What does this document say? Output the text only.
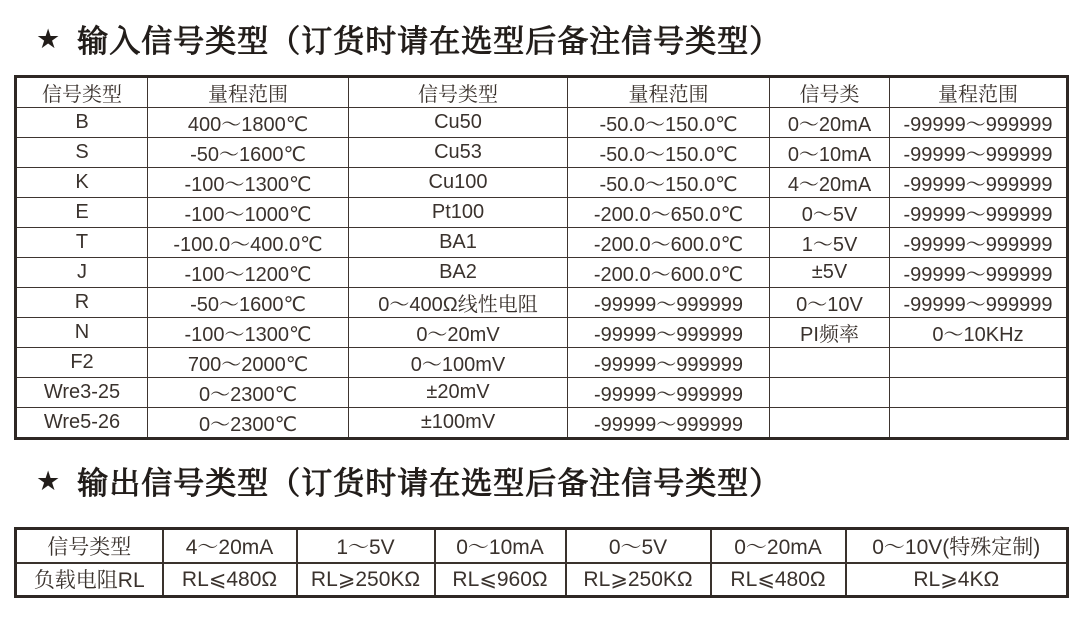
★ 输入信号类型（订货时请在选型后备注信号类型）
信号类型	量程范围	信号类型	量程范围	信号类	量程范围
B	400～1800℃	Cu50	-50.0～150.0℃	0～20mA	-99999～999999
S	-50～1600℃	Cu53	-50.0～150.0℃	0～10mA	-99999～999999
K	-100～1300℃	Cu100	-50.0～150.0℃	4～20mA	-99999～999999
E	-100～1000℃	Pt100	-200.0～650.0℃	0～5V	-99999～999999
T	-100.0～400.0℃	BA1	-200.0～600.0℃	1～5V	-99999～999999
J	-100～1200℃	BA2	-200.0～600.0℃	±5V	-99999～999999
R	-50～1600℃	0～400Ω线性电阻	-99999～999999	0～10V	-99999～999999
N	-100～1300℃	0～20mV	-99999～999999	PI频率	0～10KHz
F2	700～2000℃	0～100mV	-99999～999999		
Wre3-25	0～2300℃	±20mV	-99999～999999		
Wre5-26	0～2300℃	±100mV	-99999～999999		
★ 输出信号类型（订货时请在选型后备注信号类型）
信号类型	4～20mA	1～5V	0～10mA	0～5V	0～20mA	0～10V(特殊定制)
负载电阻RL	RL⩽480Ω	RL⩾250KΩ	RL⩽960Ω	RL⩾250KΩ	RL⩽480Ω	RL⩾4KΩ
